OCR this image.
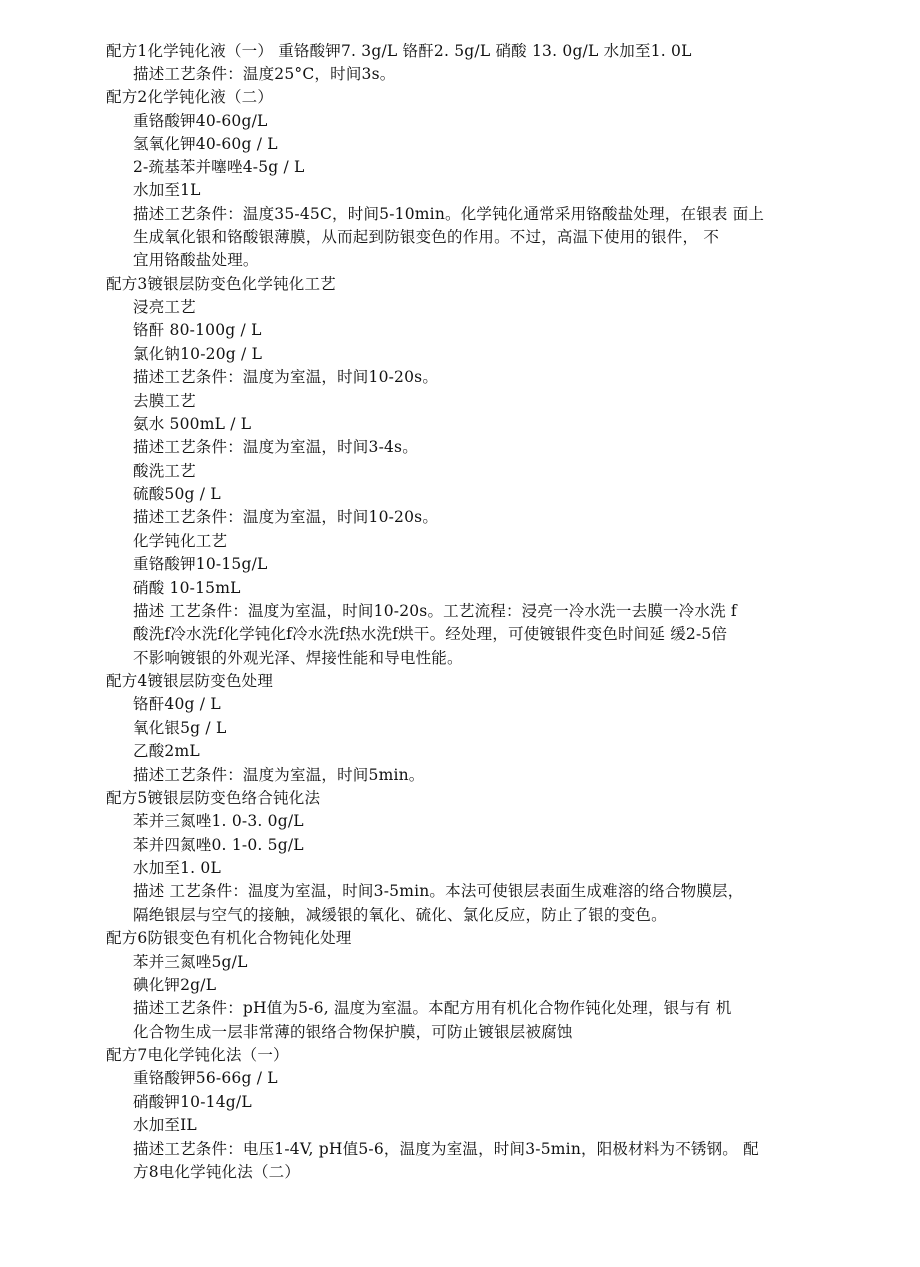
配方1化学钝化液（一） 重铬酸钾7. 3g/L 铬酐2. 5g/L 硝酸 13. 0g/L 水加至1. 0L
描述工艺条件：温度25°C，时间3s。
配方2化学钝化液（二）
重铬酸钾40-60g/L
氢氧化钾40-60g / L
2-巯基苯并噻唑4-5g / L
水加至1L
描述工艺条件：温度35-45C，时间5-10min。化学钝化通常采用铬酸盐处理，在银表 面上
生成氧化银和铬酸银薄膜，从而起到防银变色的作用。不过，高温下使用的银件， 不
宜用铬酸盐处理。
配方3镀银层防变色化学钝化工艺
浸亮工艺
铬酐 80-100g / L
氯化钠10-20g / L
描述工艺条件：温度为室温，时间10-20s。
去膜工艺
氨水 500mL / L
描述工艺条件：温度为室温，时间3-4s。
酸洗工艺
硫酸50g / L
描述工艺条件：温度为室温，时间10-20s。
化学钝化工艺
重铬酸钾10-15g/L
硝酸 10-15mL
描述 工艺条件：温度为室温，时间10-20s。工艺流程：浸亮一冷水洗一去膜一冷水洗 f
酸洗f冷水洗f化学钝化f冷水洗f热水洗f烘干。经处理，可使镀银件变色时间延 缓2-5倍
不影响镀银的外观光泽、焊接性能和导电性能。
配方4镀银层防变色处理
铬酐40g / L
氧化银5g / L
乙酸2mL
描述工艺条件：温度为室温，时间5min。
配方5镀银层防变色络合钝化法
苯并三氮唑1. 0-3. 0g/L
苯并四氮唑0. 1-0. 5g/L
水加至1. 0L
描述 工艺条件：温度为室温，时间3-5min。本法可使银层表面生成难溶的络合物膜层，
隔绝银层与空气的接触，减缓银的氧化、硫化、氯化反应，防止了银的变色。
配方6防银变色有机化合物钝化处理
苯并三氮唑5g/L
碘化钾2g/L
描述工艺条件：pH值为5-6, 温度为室温。本配方用有机化合物作钝化处理，银与有 机
化合物生成一层非常薄的银络合物保护膜，可防止镀银层被腐蚀
配方7电化学钝化法（一）
重铬酸钾56-66g / L
硝酸钾10-14g/L
水加至IL
描述工艺条件：电压1-4V, pH值5-6，温度为室温，时间3-5min，阳极材料为不锈钢。 配
方8电化学钝化法（二）
